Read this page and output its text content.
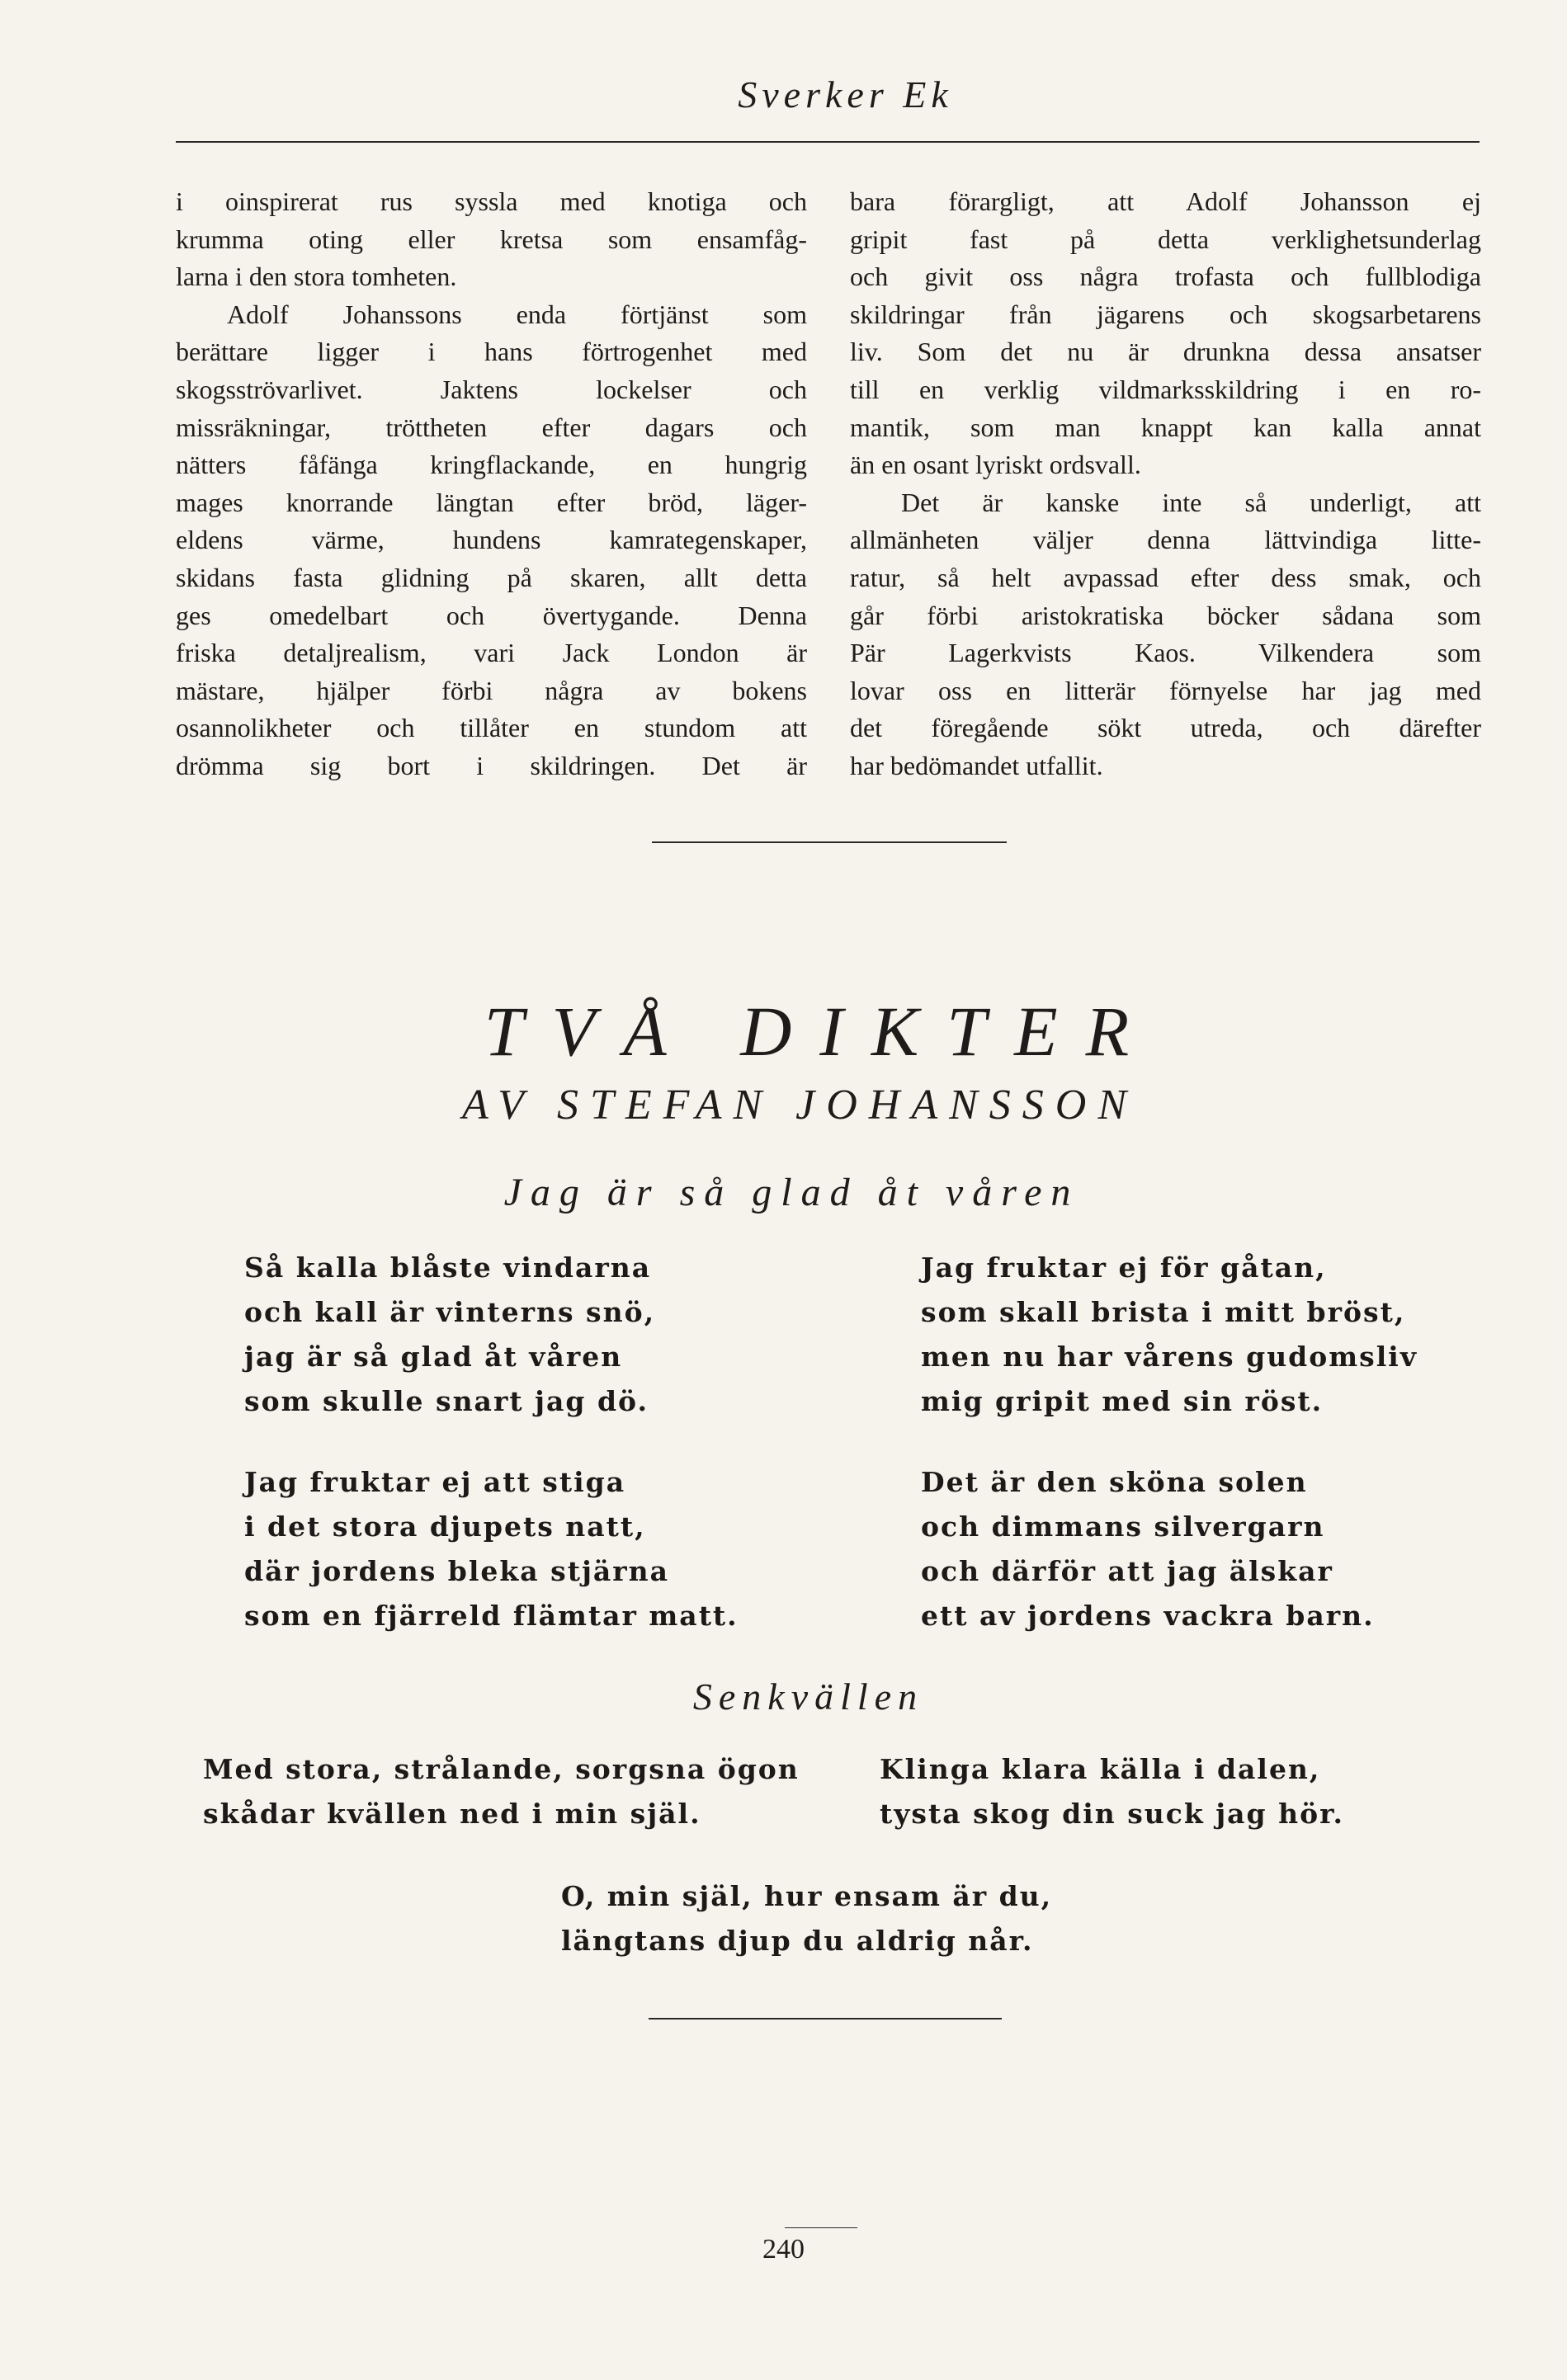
Sverker Ek
i oinspirerat rus syssla med knotiga och
krumma oting eller kretsa som ensamfåg-
larna i den stora tomheten.
Adolf Johanssons enda förtjänst som
berättare ligger i hans förtrogenhet med
skogsströvarlivet. Jaktens lockelser och
missräkningar, tröttheten efter dagars och
nätters fåfänga kringflackande, en hungrig
mages knorrande längtan efter bröd, läger-
eldens värme, hundens kamrategenskaper,
skidans fasta glidning på skaren, allt detta
ges omedelbart och övertygande. Denna
friska detaljrealism, vari Jack London är
mästare, hjälper förbi några av bokens
osannolikheter och tillåter en stundom att
drömma sig bort i skildringen. Det är
bara förargligt, att Adolf Johansson ej
gripit fast på detta verklighetsunderlag
och givit oss några trofasta och fullblodiga
skildringar från jägarens och skogsarbetarens
liv. Som det nu är drunkna dessa ansatser
till en verklig vildmarksskildring i en ro-
mantik, som man knappt kan kalla annat
än en osant lyriskt ordsvall.
Det är kanske inte så underligt, att
allmänheten väljer denna lättvindiga litte-
ratur, så helt avpassad efter dess smak, och
går förbi aristokratiska böcker sådana som
Pär Lagerkvists Kaos. Vilkendera som
lovar oss en litterär förnyelse har jag med
det föregående sökt utreda, och därefter
har bedömandet utfallit.
TVÅ DIKTER
AV STEFAN JOHANSSON
Jag är så glad åt våren
Så kalla blåste vindarna
och kall är vinterns snö,
jag är så glad åt våren
som skulle snart jag dö.
Jag fruktar ej att stiga
i det stora djupets natt,
där jordens bleka stjärna
som en fjärreld flämtar matt.
Jag fruktar ej för gåtan,
som skall brista i mitt bröst,
men nu har vårens gudomsliv
mig gripit med sin röst.
Det är den sköna solen
och dimmans silvergarn
och därför att jag älskar
ett av jordens vackra barn.
Senkvällen
Med stora, strålande, sorgsna ögon
skådar kvällen ned i min själ.
Klinga klara källa i dalen,
tysta skog din suck jag hör.
O, min själ, hur ensam är du,
längtans djup du aldrig når.
240
